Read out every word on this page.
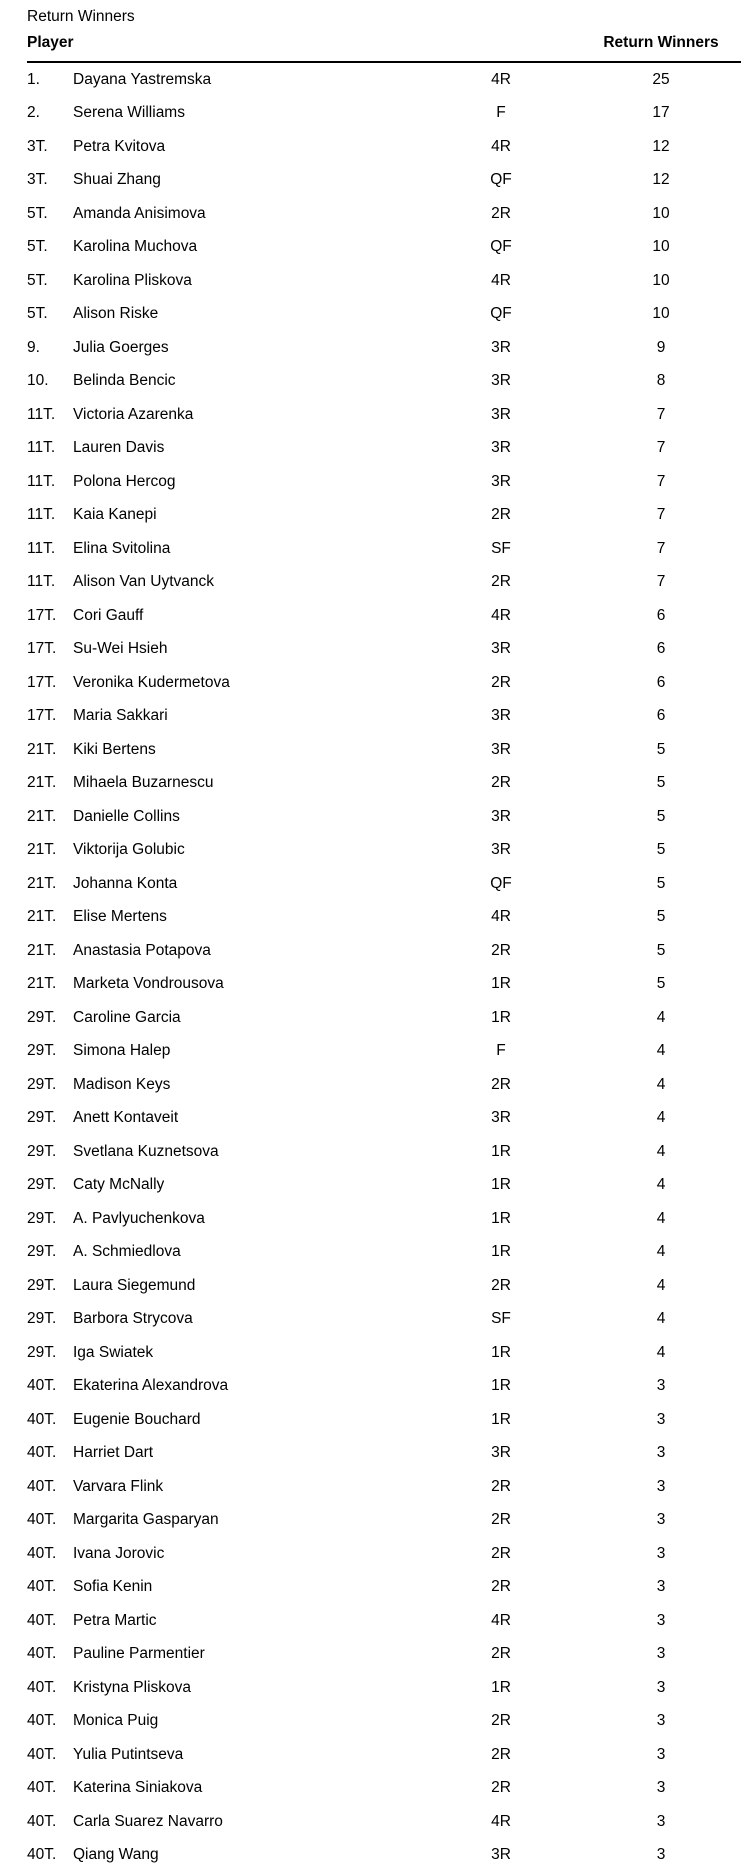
Return Winners
Player	Return Winners
1.	Dayana Yastremska	4R	25
2.	Serena Williams	F	17
3T.	Petra Kvitova	4R	12
3T.	Shuai Zhang	QF	12
5T.	Amanda Anisimova	2R	10
5T.	Karolina Muchova	QF	10
5T.	Karolina Pliskova	4R	10
5T.	Alison Riske	QF	10
9.	Julia Goerges	3R	9
10.	Belinda Bencic	3R	8
11T.	Victoria Azarenka	3R	7
11T.	Lauren Davis	3R	7
11T.	Polona Hercog	3R	7
11T.	Kaia Kanepi	2R	7
11T.	Elina Svitolina	SF	7
11T.	Alison Van Uytvanck	2R	7
17T.	Cori Gauff	4R	6
17T.	Su-Wei Hsieh	3R	6
17T.	Veronika Kudermetova	2R	6
17T.	Maria Sakkari	3R	6
21T.	Kiki Bertens	3R	5
21T.	Mihaela Buzarnescu	2R	5
21T.	Danielle Collins	3R	5
21T.	Viktorija Golubic	3R	5
21T.	Johanna Konta	QF	5
21T.	Elise Mertens	4R	5
21T.	Anastasia Potapova	2R	5
21T.	Marketa Vondrousova	1R	5
29T.	Caroline Garcia	1R	4
29T.	Simona Halep	F	4
29T.	Madison Keys	2R	4
29T.	Anett Kontaveit	3R	4
29T.	Svetlana Kuznetsova	1R	4
29T.	Caty McNally	1R	4
29T.	A. Pavlyuchenkova	1R	4
29T.	A. Schmiedlova	1R	4
29T.	Laura Siegemund	2R	4
29T.	Barbora Strycova	SF	4
29T.	Iga Swiatek	1R	4
40T.	Ekaterina Alexandrova	1R	3
40T.	Eugenie Bouchard	1R	3
40T.	Harriet Dart	3R	3
40T.	Varvara Flink	2R	3
40T.	Margarita Gasparyan	2R	3
40T.	Ivana Jorovic	2R	3
40T.	Sofia Kenin	2R	3
40T.	Petra Martic	4R	3
40T.	Pauline Parmentier	2R	3
40T.	Kristyna Pliskova	1R	3
40T.	Monica Puig	2R	3
40T.	Yulia Putintseva	2R	3
40T.	Katerina Siniakova	2R	3
40T.	Carla Suarez Navarro	4R	3
40T.	Qiang Wang	3R	3
